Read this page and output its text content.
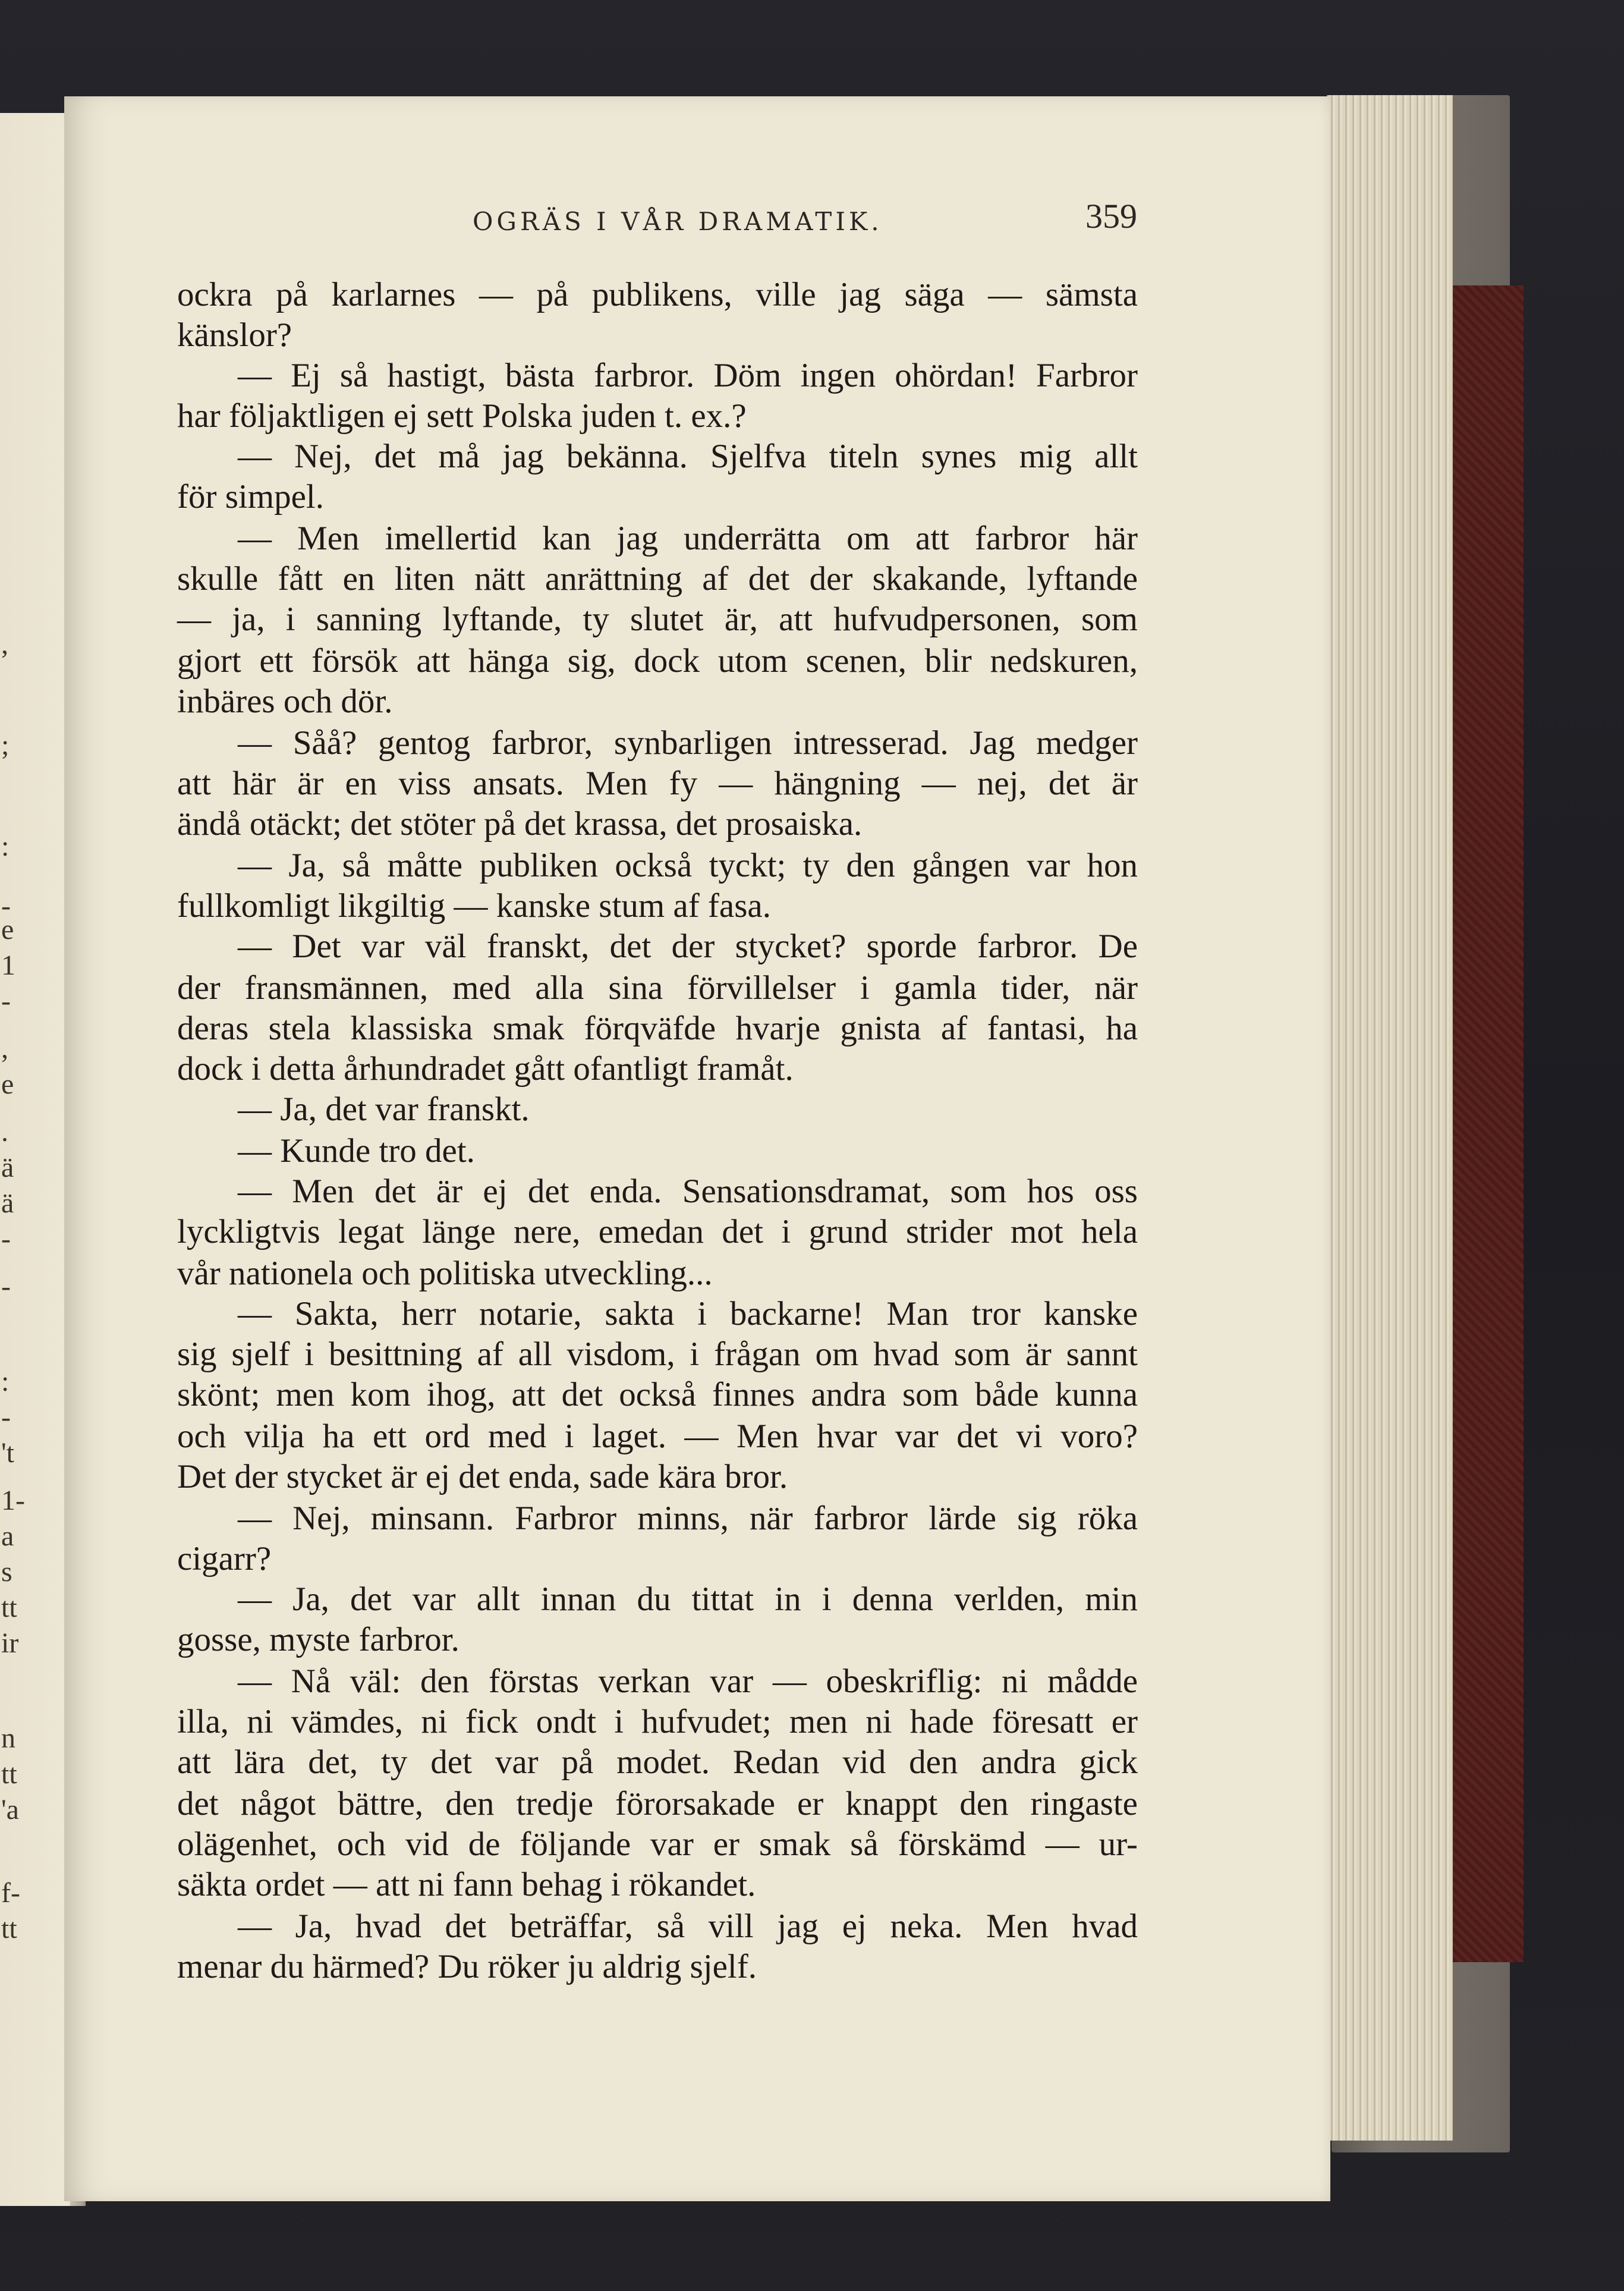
,
;
:
-
e
1
-
,
e
.
ä
ä
-
-
:
-
't
1-
a
s
tt
ir
n
tt
'a
f-
tt
OGRÄS I VÅR DRAMATIK.	359
ockra på karlarnes — på publikens, ville jag säga — sämsta
känslor?
— Ej så hastigt, bästa farbror. Döm ingen ohördan! Farbror
har följaktligen ej sett Polska juden t. ex.?
— Nej, det må jag bekänna. Sjelfva titeln synes mig allt
för simpel.
— Men imellertid kan jag underrätta om att farbror här
skulle fått en liten nätt anrättning af det der skakande, lyftande
— ja, i sanning lyftande, ty slutet är, att hufvudpersonen, som
gjort ett försök att hänga sig, dock utom scenen, blir nedskuren,
inbäres och dör.
— Såå? gentog farbror, synbarligen intresserad. Jag medger
att här är en viss ansats. Men fy — hängning — nej, det är
ändå otäckt; det stöter på det krassa, det prosaiska.
— Ja, så måtte publiken också tyckt; ty den gången var hon
fullkomligt likgiltig — kanske stum af fasa.
— Det var väl franskt, det der stycket? sporde farbror. De
der fransmännen, med alla sina förvillelser i gamla tider, när
deras stela klassiska smak förqväfde hvarje gnista af fantasi, ha
dock i detta århundradet gått ofantligt framåt.
— Ja, det var franskt.
— Kunde tro det.
— Men det är ej det enda. Sensationsdramat, som hos oss
lyckligtvis legat länge nere, emedan det i grund strider mot hela
vår nationela och politiska utveckling...
— Sakta, herr notarie, sakta i backarne! Man tror kanske
sig sjelf i besittning af all visdom, i frågan om hvad som är sannt
skönt; men kom ihog, att det också finnes andra som både kunna
och vilja ha ett ord med i laget. — Men hvar var det vi voro?
Det der stycket är ej det enda, sade kära bror.
— Nej, minsann. Farbror minns, när farbror lärde sig röka
cigarr?
— Ja, det var allt innan du tittat in i denna verlden, min
gosse, myste farbror.
— Nå väl: den förstas verkan var — obeskriflig: ni mådde
illa, ni vämdes, ni fick ondt i hufvudet; men ni hade föresatt er
att lära det, ty det var på modet. Redan vid den andra gick
det något bättre, den tredje förorsakade er knappt den ringaste
olägenhet, och vid de följande var er smak så förskämd — ur-
säkta ordet — att ni fann behag i rökandet.
— Ja, hvad det beträffar, så vill jag ej neka. Men hvad
menar du härmed? Du röker ju aldrig sjelf.
